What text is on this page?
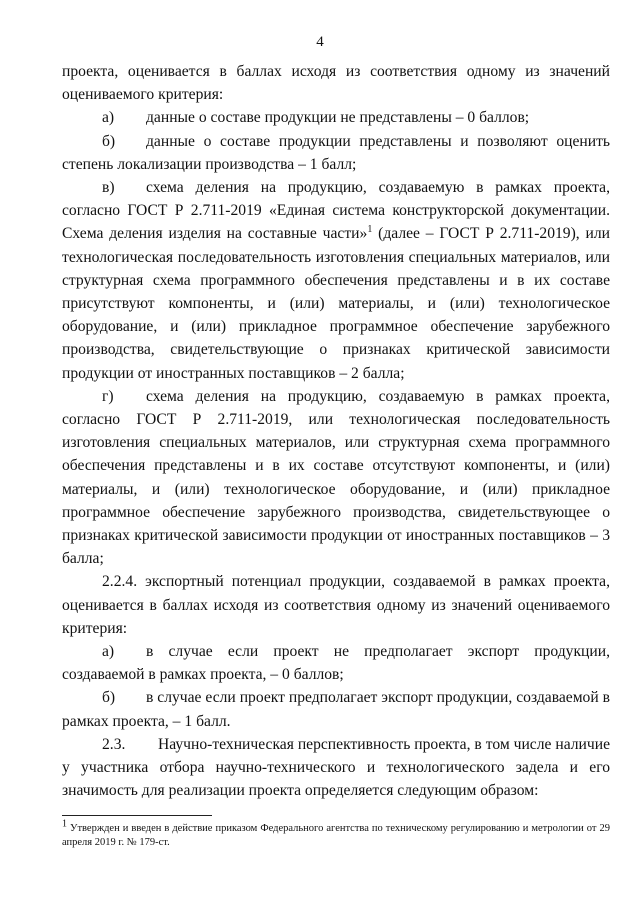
4

проекта, оценивается в баллах исходя из соответствия одному из значений оцениваемого критерия:

а) данные о составе продукции не представлены – 0 баллов;

б) данные о составе продукции представлены и позволяют оценить степень локализации производства – 1 балл;

в) схема деления на продукцию, создаваемую в рамках проекта, согласно ГОСТ Р 2.711-2019 «Единая система конструкторской документации. Схема деления изделия на составные части»$^1$ (далее – ГОСТ Р 2.711-2019), или технологическая последовательность изготовления специальных материалов, или структурная схема программного обеспечения представлены и в их составе присутствуют компоненты, и (или) материалы, и (или) технологическое оборудование, и (или) прикладное программное обеспечение зарубежного производства, свидетельствующие о признаках критической зависимости продукции от иностранных поставщиков – 2 балла;

г) схема деления на продукцию, создаваемую в рамках проекта, согласно ГОСТ Р 2.711-2019, или технологическая последовательность изготовления специальных материалов, или структурная схема программного обеспечения представлены и в их составе отсутствуют компоненты, и (или) материалы, и (или) технологическое оборудование, и (или) прикладное программное обеспечение зарубежного производства, свидетельствующее о признаках критической зависимости продукции от иностранных поставщиков – 3 балла;

2.2.4. экспортный потенциал продукции, создаваемой в рамках проекта, оценивается в баллах исходя из соответствия одному из значений оцениваемого критерия:

а) в случае если проект не предполагает экспорт продукции, создаваемой в рамках проекта, – 0 баллов;

б) в случае если проект предполагает экспорт продукции, создаваемой в рамках проекта, – 1 балл.

2.3. Научно-техническая перспективность проекта, в том числе наличие у участника отбора научно-технического и технологического задела и его значимость для реализации проекта определяется следующим образом:

$^1$ Утвержден и введен в действие приказом Федерального агентства по техническому регулированию и метрологии от 29 апреля 2019 г. № 179-ст.
